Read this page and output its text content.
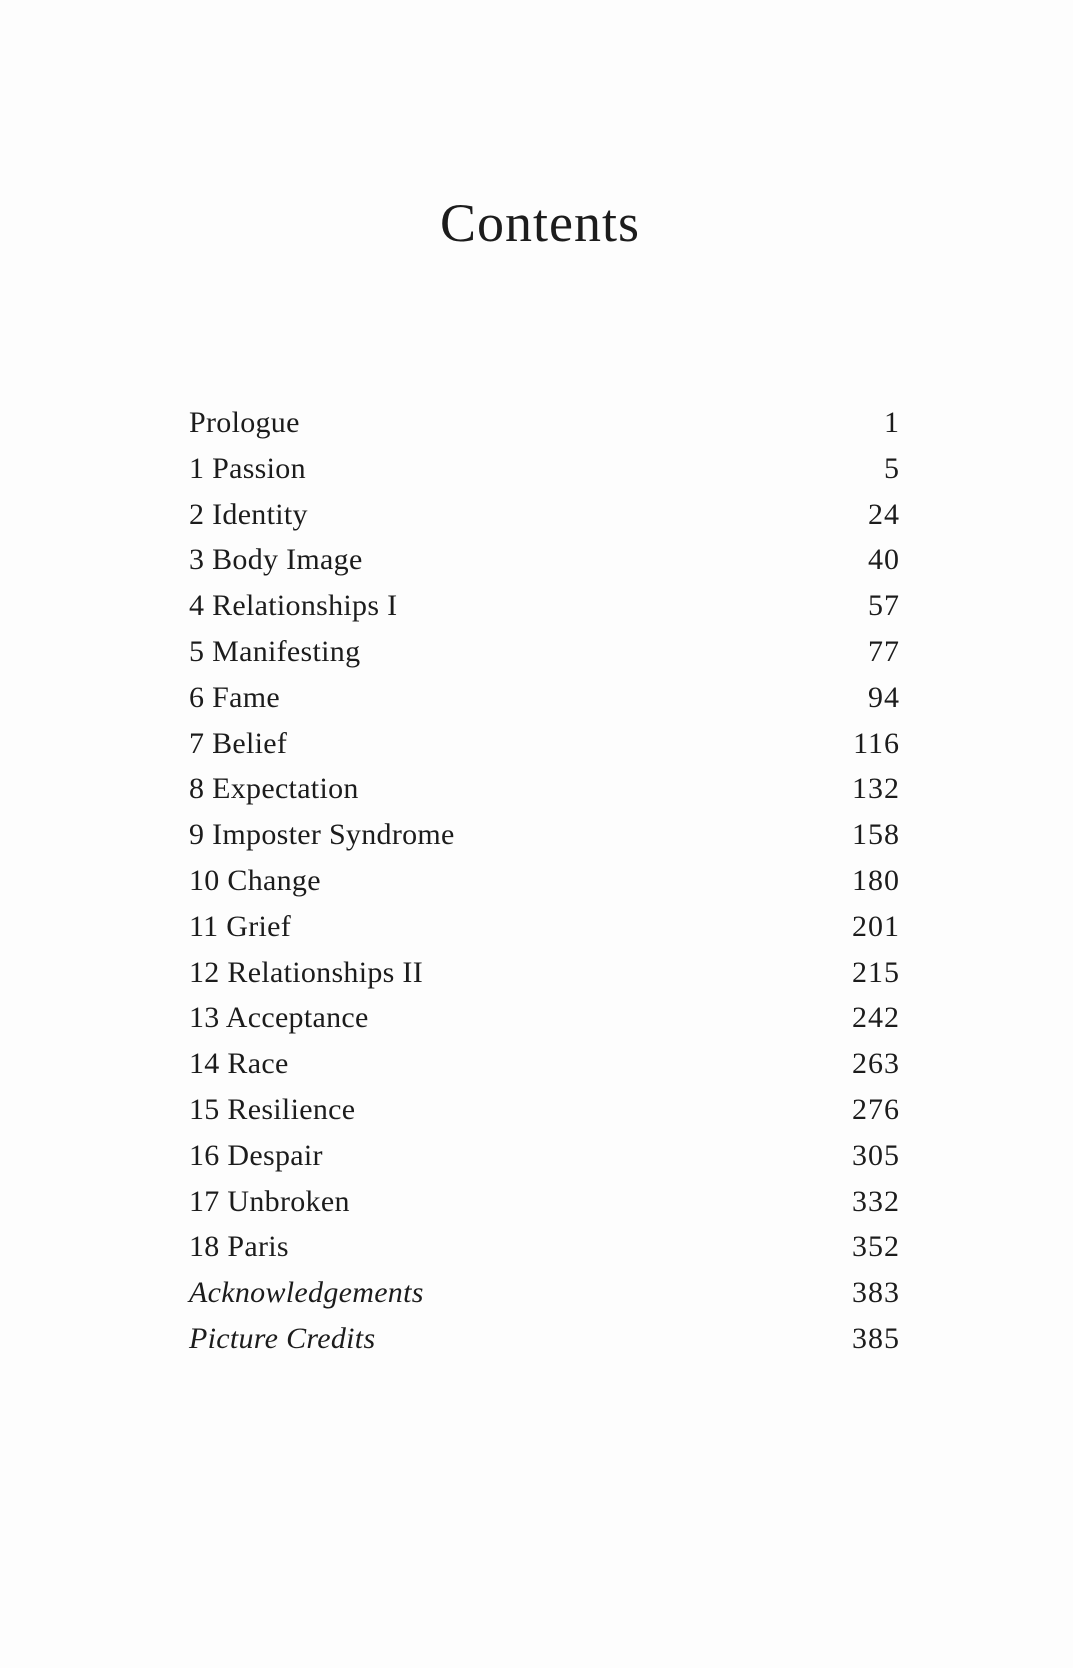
Contents
Prologue	1
1 Passion	5
2 Identity	24
3 Body Image	40
4 Relationships I	57
5 Manifesting	77
6 Fame	94
7 Belief	116
8 Expectation	132
9 Imposter Syndrome	158
10 Change	180
11 Grief	201
12 Relationships II	215
13 Acceptance	242
14 Race	263
15 Resilience	276
16 Despair	305
17 Unbroken	332
18 Paris	352
Acknowledgements	383
Picture Credits	385
